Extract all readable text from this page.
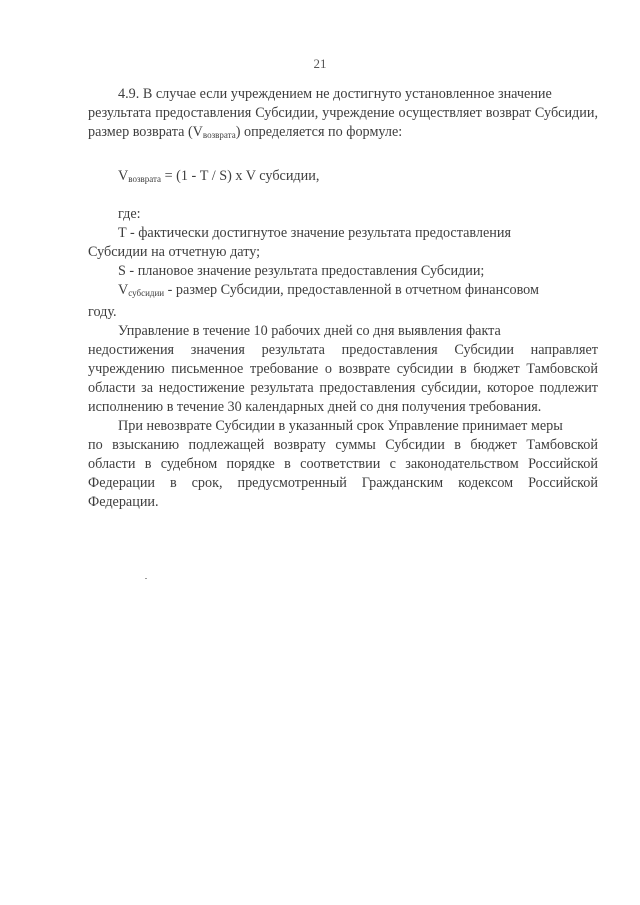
21

4.9. В случае если учреждением не достигнуто установленное значение
результата предоставления Субсидии, учреждение осуществляет возврат Субсидии, размер возврата $(V_{возврата})$ определяется по формуле:

$V_{возврата} = (1 - T / S)$ x V субсидии,

где:

T - фактически достигнутое значение результата предоставления
Субсидии на отчетную дату;

S - плановое значение результата предоставления Субсидии;

$V_{субсидии}$ - размер Субсидии, предоставленной в отчетном финансовом
году.

Управление в течение 10 рабочих дней со дня выявления факта
недостижения значения результата предоставления Субсидии направляет учреждению письменное требование о возврате субсидии в бюджет Тамбовской области за недостижение результата предоставления субсидии, которое подлежит исполнению в течение 30 календарных дней со дня получения требования.

При невозврате Субсидии в указанный срок Управление принимает меры
по взысканию подлежащей возврату суммы Субсидии в бюджет Тамбовской области в судебном порядке в соответствии с законодательством Российской Федерации в срок, предусмотренный Гражданским кодексом Российской Федерации.
